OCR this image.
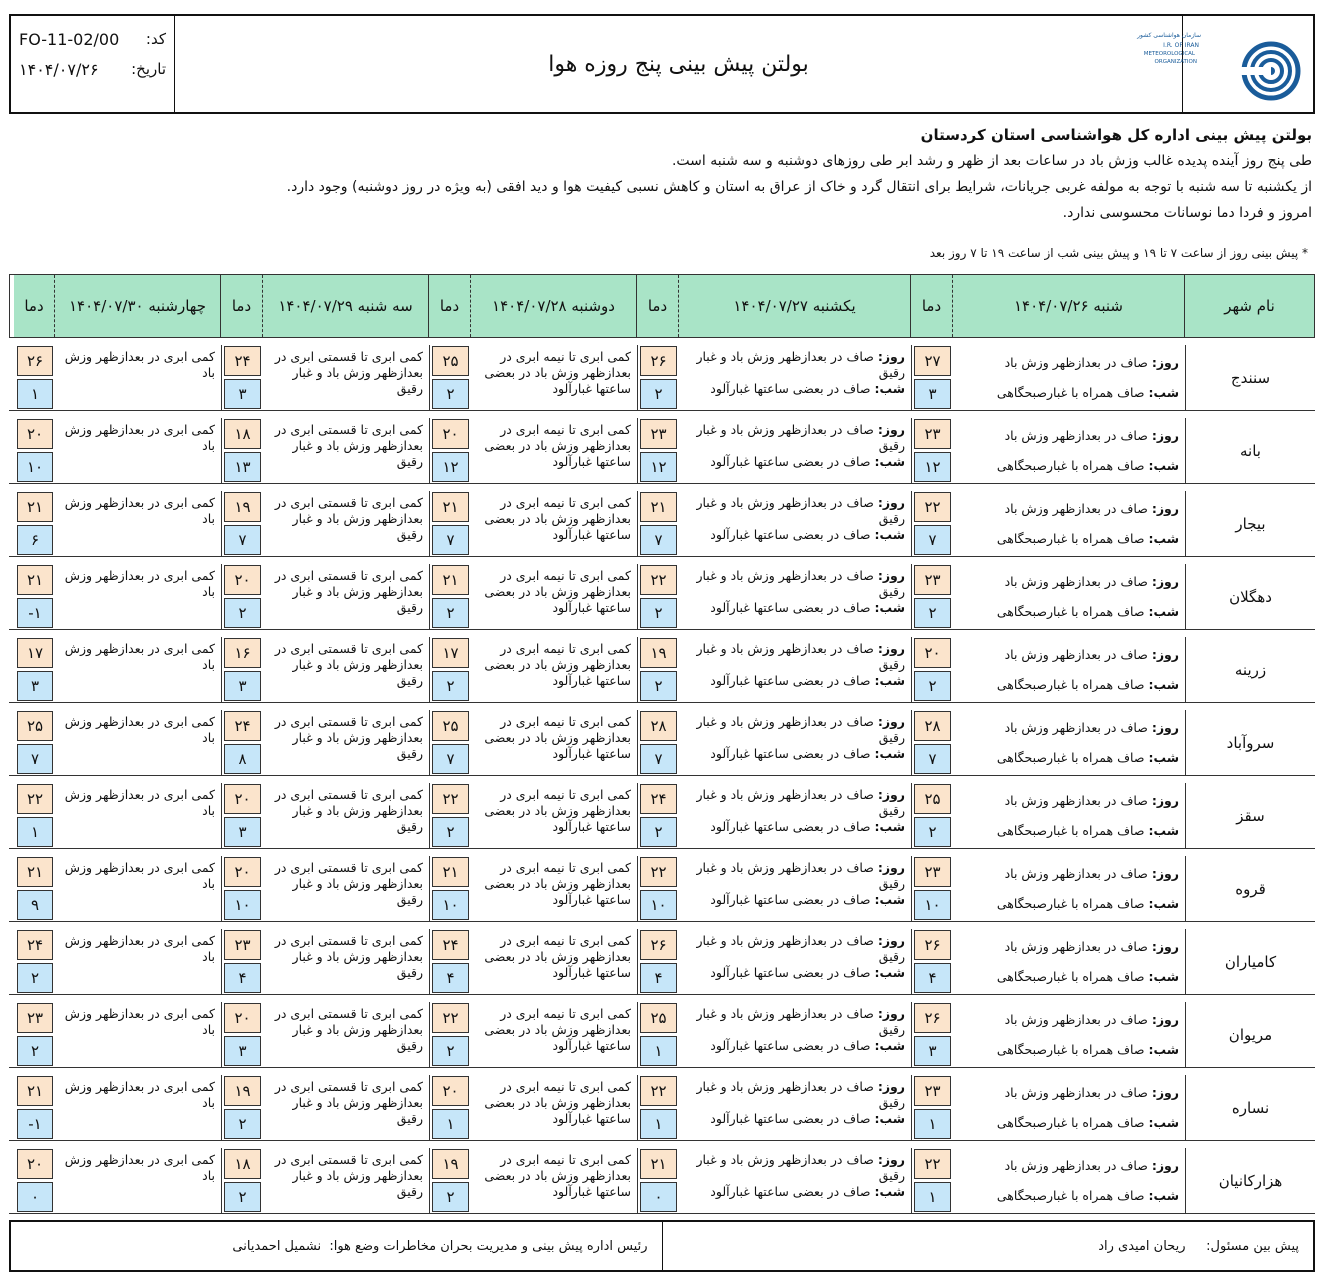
سازمان هواشناسی کشور
I.R. OF IRAN
METEOROLOGICAL
ORGANIZATION
بولتن پیش بینی پنج روزه هوا
کد:
FO-11-02/00
تاریخ:
۱۴۰۴/۰۷/۲۶
بولتن پیش بینی اداره کل هواشناسی استان کردستان
طی پنج روز آینده پدیده غالب وزش باد در ساعات بعد از ظهر و رشد ابر طی روزهای دوشنبه و سه شنبه است.
از یکشنبه تا سه شنبه با توجه به مولفه غربی جریانات، شرایط برای انتقال گرد و خاک از عراق به استان و کاهش نسبی کیفیت هوا و دید افقی (به ویژه در روز دوشنبه) وجود دارد.
امروز و فردا دما نوسانات محسوسی ندارد.
* پیش بینی روز از ساعت ۷ تا ۱۹ و پیش بینی شب از ساعت ۱۹ تا ۷ روز بعد
نام شهر
شنبه ۱۴۰۴/۰۷/۲۶
دما
یکشنبه ۱۴۰۴/۰۷/۲۷
دما
دوشنبه ۱۴۰۴/۰۷/۲۸
دما
سه شنبه ۱۴۰۴/۰۷/۲۹
دما
چهارشنبه ۱۴۰۴/۰۷/۳۰
دما
سنندج
روز: صاف در بعدازظهر وزش باد
شب: صاف همراه با غبارصبحگاهی
۲۷
۳
روز: صاف در بعدازظهر وزش باد و غبار رقیق
شب: صاف در بعضی ساعتها غبارآلود
۲۶
۲
کمی ابری تا نیمه ابری در بعدازظهر وزش باد در بعضی ساعتها غبارآلود
۲۵
۲
کمی ابری تا قسمتی ابری در بعدازظهر وزش باد و غبار رقیق
۲۴
۳
کمی ابری در بعدازظهر وزش باد
۲۶
۱
بانه
روز: صاف در بعدازظهر وزش باد
شب: صاف همراه با غبارصبحگاهی
۲۳
۱۲
روز: صاف در بعدازظهر وزش باد و غبار رقیق
شب: صاف در بعضی ساعتها غبارآلود
۲۳
۱۲
کمی ابری تا نیمه ابری در بعدازظهر وزش باد در بعضی ساعتها غبارآلود
۲۰
۱۲
کمی ابری تا قسمتی ابری در بعدازظهر وزش باد و غبار رقیق
۱۸
۱۳
کمی ابری در بعدازظهر وزش باد
۲۰
۱۰
بیجار
روز: صاف در بعدازظهر وزش باد
شب: صاف همراه با غبارصبحگاهی
۲۲
۷
روز: صاف در بعدازظهر وزش باد و غبار رقیق
شب: صاف در بعضی ساعتها غبارآلود
۲۱
۷
کمی ابری تا نیمه ابری در بعدازظهر وزش باد در بعضی ساعتها غبارآلود
۲۱
۷
کمی ابری تا قسمتی ابری در بعدازظهر وزش باد و غبار رقیق
۱۹
۷
کمی ابری در بعدازظهر وزش باد
۲۱
۶
دهگلان
روز: صاف در بعدازظهر وزش باد
شب: صاف همراه با غبارصبحگاهی
۲۳
۲
روز: صاف در بعدازظهر وزش باد و غبار رقیق
شب: صاف در بعضی ساعتها غبارآلود
۲۲
۲
کمی ابری تا نیمه ابری در بعدازظهر وزش باد در بعضی ساعتها غبارآلود
۲۱
۲
کمی ابری تا قسمتی ابری در بعدازظهر وزش باد و غبار رقیق
۲۰
۲
کمی ابری در بعدازظهر وزش باد
۲۱
-۱
زرینه
روز: صاف در بعدازظهر وزش باد
شب: صاف همراه با غبارصبحگاهی
۲۰
۲
روز: صاف در بعدازظهر وزش باد و غبار رقیق
شب: صاف در بعضی ساعتها غبارآلود
۱۹
۲
کمی ابری تا نیمه ابری در بعدازظهر وزش باد در بعضی ساعتها غبارآلود
۱۷
۲
کمی ابری تا قسمتی ابری در بعدازظهر وزش باد و غبار رقیق
۱۶
۳
کمی ابری در بعدازظهر وزش باد
۱۷
۳
سروآباد
روز: صاف در بعدازظهر وزش باد
شب: صاف همراه با غبارصبحگاهی
۲۸
۷
روز: صاف در بعدازظهر وزش باد و غبار رقیق
شب: صاف در بعضی ساعتها غبارآلود
۲۸
۷
کمی ابری تا نیمه ابری در بعدازظهر وزش باد در بعضی ساعتها غبارآلود
۲۵
۷
کمی ابری تا قسمتی ابری در بعدازظهر وزش باد و غبار رقیق
۲۴
۸
کمی ابری در بعدازظهر وزش باد
۲۵
۷
سقز
روز: صاف در بعدازظهر وزش باد
شب: صاف همراه با غبارصبحگاهی
۲۵
۲
روز: صاف در بعدازظهر وزش باد و غبار رقیق
شب: صاف در بعضی ساعتها غبارآلود
۲۴
۲
کمی ابری تا نیمه ابری در بعدازظهر وزش باد در بعضی ساعتها غبارآلود
۲۲
۲
کمی ابری تا قسمتی ابری در بعدازظهر وزش باد و غبار رقیق
۲۰
۳
کمی ابری در بعدازظهر وزش باد
۲۲
۱
قروه
روز: صاف در بعدازظهر وزش باد
شب: صاف همراه با غبارصبحگاهی
۲۳
۱۰
روز: صاف در بعدازظهر وزش باد و غبار رقیق
شب: صاف در بعضی ساعتها غبارآلود
۲۲
۱۰
کمی ابری تا نیمه ابری در بعدازظهر وزش باد در بعضی ساعتها غبارآلود
۲۱
۱۰
کمی ابری تا قسمتی ابری در بعدازظهر وزش باد و غبار رقیق
۲۰
۱۰
کمی ابری در بعدازظهر وزش باد
۲۱
۹
کامیاران
روز: صاف در بعدازظهر وزش باد
شب: صاف همراه با غبارصبحگاهی
۲۶
۴
روز: صاف در بعدازظهر وزش باد و غبار رقیق
شب: صاف در بعضی ساعتها غبارآلود
۲۶
۴
کمی ابری تا نیمه ابری در بعدازظهر وزش باد در بعضی ساعتها غبارآلود
۲۴
۴
کمی ابری تا قسمتی ابری در بعدازظهر وزش باد و غبار رقیق
۲۳
۴
کمی ابری در بعدازظهر وزش باد
۲۴
۲
مریوان
روز: صاف در بعدازظهر وزش باد
شب: صاف همراه با غبارصبحگاهی
۲۶
۳
روز: صاف در بعدازظهر وزش باد و غبار رقیق
شب: صاف در بعضی ساعتها غبارآلود
۲۵
۱
کمی ابری تا نیمه ابری در بعدازظهر وزش باد در بعضی ساعتها غبارآلود
۲۲
۲
کمی ابری تا قسمتی ابری در بعدازظهر وزش باد و غبار رقیق
۲۰
۳
کمی ابری در بعدازظهر وزش باد
۲۳
۲
نساره
روز: صاف در بعدازظهر وزش باد
شب: صاف همراه با غبارصبحگاهی
۲۳
۱
روز: صاف در بعدازظهر وزش باد و غبار رقیق
شب: صاف در بعضی ساعتها غبارآلود
۲۲
۱
کمی ابری تا نیمه ابری در بعدازظهر وزش باد در بعضی ساعتها غبارآلود
۲۰
۱
کمی ابری تا قسمتی ابری در بعدازظهر وزش باد و غبار رقیق
۱۹
۲
کمی ابری در بعدازظهر وزش باد
۲۱
-۱
هزارکانیان
روز: صاف در بعدازظهر وزش باد
شب: صاف همراه با غبارصبحگاهی
۲۲
۱
روز: صاف در بعدازظهر وزش باد و غبار رقیق
شب: صاف در بعضی ساعتها غبارآلود
۲۱
۰
کمی ابری تا نیمه ابری در بعدازظهر وزش باد در بعضی ساعتها غبارآلود
۱۹
۲
کمی ابری تا قسمتی ابری در بعدازظهر وزش باد و غبار رقیق
۱۸
۲
کمی ابری در بعدازظهر وزش باد
۲۰
۰
پیش بین مسئول:

ریحان امیدی راد
رئیس اداره پیش بینی و مدیریت بحران مخاطرات وضع هوا:

نشمیل احمدیانی
